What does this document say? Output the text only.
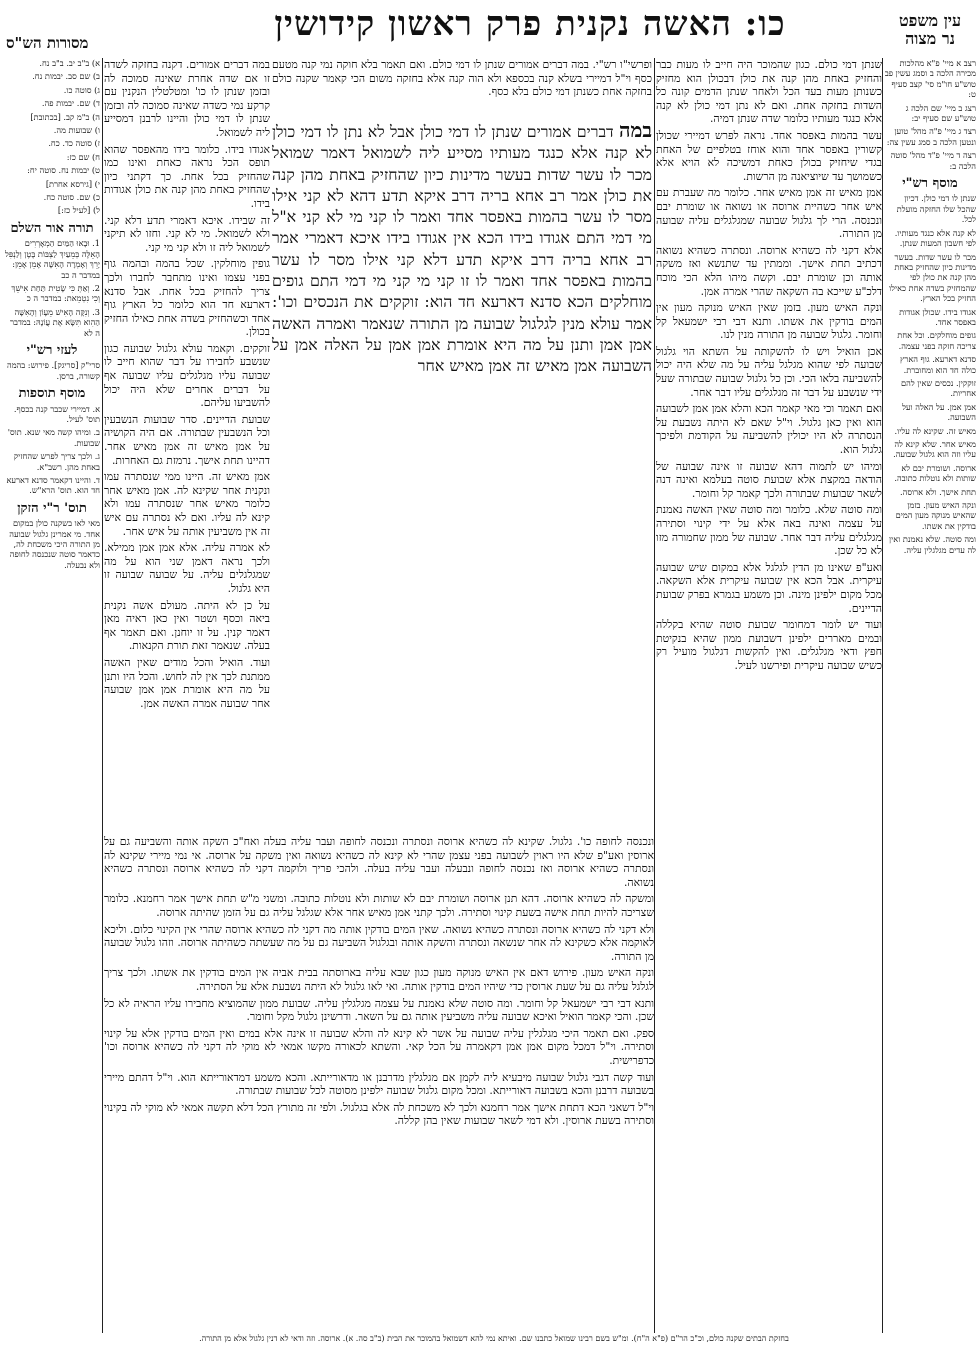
עין משפט
נר מצוה
כו: האשה נקנית פרק ראשון קידושין
מסורות הש"ס

רצב א מיי' פ"א מהלכות מכירה הלכה ב וסמג עשין פב טוש"ע חו"מ סי' קצב סעיף ט:

רצג ב מיי' שם הלכה ג טוש"ע שם סעיף יב:

רצד ג מיי' פ"ה מהל' טוען ונטען הלכה ב סמג עשין צה:

רצה ד מיי' פ"ד מהל' סוטה הלכה ב:

מוסף רש"י

שנתן לו דמי כולן. דכיון שהכל שלו החזקה מועלת לכל.

לא קנה אלא כנגד מעותיו. לפי חשבון המעות שנתן.

מכר לו עשר שדות. בעשר מדינות כיון שהחזיק באחת מהן קנה את כולן לפי שהמחזיק בשדה אחת כאילו החזיק בכל הארץ.

אגודו בידו. שכולן אגודות באפסר אחד.

גופים מוחלקים. וכל אחת צריכה חזקה בפני עצמה.

סדנא דארעא. גוף הארץ כולה חד הוא ומחוברת.

זוקקין. נכסים שאין להם אחריות.

אמן אמן. על האלה ועל השבועה.

מאיש זה. שקינא לה עליו.

מאיש אחר. שלא קינא לה עליו וזה הוא גלגול שבועה.

ארוסה. ושומרת יבם לא שותות ולא נוטלות כתובה.

תחת אישך. ולא ארוסה.

ונקה האיש מעון. בזמן שהאיש מנוקה מעון המים בודקין את אשתו.

ומה סוטה. שלא נאמנת ואין לה עדים מגלגלין עליה.

שנתן דמי כולם. כגון שהמוכר היה חייב לו מעות כבר והחזיק באחת מהן קנה את כולן דבכולן הוא מחזיק כשנותן מעות בעד הכל ולאחר שנתן הדמים קונה כל השדות בחזקה אחת. ואם לא נתן דמי כולן לא קנה אלא כנגד מעותיו כלומר שדה שנתן דמיה.

עשר בהמות באפסר אחד. נראה לפרש דמיירי שכולן קשורין באפסר אחד והוא אוחז בטלפיים של האחת בגדי שיחזיק בכולן כאחת דמשיכה לא הויא אלא כשמושך עד שיוציאנה מן הרשות.

אמן מאיש זה אמן מאיש אחר. כלומר מה שעברת עם איש אחר כשהיית ארוסה או נשואה או שומרת יבם ונכנסה. הרי לך גלגול שבועה שמגלגלים עליה שבועה מן התורה.

אלא דקני לה כשהיא ארוסה. ונסתרה כשהיא נשואה דכתיב תחת אישך. וממתין עד שתנשא ואז משקה אותה וכן שומרת יבם. וקשה מיהו הלא הכי מוכח דלכ"ע שייכא בה השקאה שהרי אמרה אמן.

ונקה האיש מעון. בזמן שאין האיש מנוקה מעון אין המים בודקין את אשתו. ותנא דבי רבי ישמעאל קל וחומר. גלגול שבועה מן התורה מנין לנו.

אכן הואיל ויש לו להשקותה על השתא הוי גלגול שבועה לפי שהוא מגלגל עליה על מה שלא היה יכול להשביעה בלאו הכי. וכן כל גלגול שבועה שבתורה שעל ידי שנשבע על דבר זה מגלגלים עליו דבר אחר.

ואם תאמר וכי מאי קאמר הכא והלא אמן אמן לשבועה הוא ואין כאן גלגול. וי"ל שאם לא היתה נשבעת על הנסתרה לא היו יכולין להשביעה על הקודמת ולפיכך גלגול הוא.

ומיהו יש לתמוה דהא שבועה זו אינה שבועה של הודאה במקצת אלא שבועת סוטה בעלמא ואינה דנה לשאר שבועות שבתורה ולכך קאמר קל וחומר.

ומה סוטה שלא. כלומר ומה סוטה שאין האשה נאמנת על עצמה ואינה באה אלא על ידי קינוי וסתירה מגלגלים עליה דבר אחר. שבועה של ממון שחמורה מזו לא כל שכן.

ואע"פ שאינו מן הדין לגלגל אלא במקום שיש שבועה עיקרית. אבל הכא אין שבועה עיקרית אלא השקאה. מכל מקום ילפינן מינה. וכן משמע בגמרא בפרק שבועת הדיינים.

ועוד יש לומר דמחומר שבועת סוטה שהיא בקללה ובמים מאררים ילפינן דשבועת ממון שהיא בנקיטת חפץ ודאי מגלגלים. ואין להקשות דגלגול מועיל רק כשיש שבועה עיקרית ופירשנו לעיל.

ופרשי"ו רש"י. במה דברים אמורים שנתן לו דמי כולם. ואם תאמר בלא חוקה נמי קנה מטעם כסף וי"ל דמיירי בשלא קנה בכספא ולא הוה קנה אלא בחזקה משום הכי קאמר שקנה כולם בחזקה אחת כשנתן דמי כולם בלא כסף.
במה דברים אמורים שנתן לו דמי כולן אבל לא נתן לו דמי כולן לא קנה אלא כנגד מעותיו מסייע ליה לשמואל דאמר שמואל מכר לו עשר שדות בעשר מדינות כיון שהחזיק באחת מהן קנה את כולן אמר רב אחא בריה דרב איקא תדע דהא לא קני אילו מסר לו עשר בהמות באפסר אחד ואמר לו קני מי לא קני א"ל מי דמי התם אגודו בידו הכא אין אגודו בידו איכא דאמרי אמר רב אחא בריה דרב איקא תדע דלא קני אילו מסר לו עשר בהמות באפסר אחד ואמר לו זו קני מי קני מי דמי התם גופים מוחלקים הכא סדנא דארעא חד הוא: זוקקים את הנכסים וכו': אמר עולא מנין לגלגול שבועה מן התורה שנאמר ואמרה האשה אמן אמן ותנן על מה היא אומרת אמן אמן על האלה אמן על השבועה אמן מאיש זה אמן מאיש אחר

במה דברים אמורים. דקנה בחזקה לשדה זו אם שדה אחרת שאינה סמוכה לה ובזמן שנתן לו כו' ומטלטלין הנקנין עם קרקע נמי כשדה שאינה סמוכה לה ובזמן שנתן לו דמי כולן והיינו לרבנן דמסייע ליה לשמואל.

אגודו בידו. כלומר בידו מהאפסר שהוא תופס הכל נראה כאחת ואינו כמו שהחזיק בכל אחת. כך דקתני כיון שהחזיק באחת מהן קנה את כולן אגודות בידו.

זה שבידו. איכא דאמרי תדע דלא קני. ולא לשמואל. מי לא קני. וחזו לא תיקני לשמואל ליה זו ולא קני מי קני.

גופין מוחלקין. שכל בהמה ובהמה גוף בפני עצמו ואינו מתחבר לחברו ולכך צריך להחזיק בכל אחת. אבל סדנא דארעא חד הוא כלומר כל הארץ גוף אחד וכשהחזיק בשדה אחת כאילו החזיק בכולן.

זוקקים. וקאמר עולא גלגול שבועה כגון שנשבע לחבירו על דבר שהוא חייב לו שבועה עליו מגלגלים עליו שבועה אף על דברים אחרים שלא היה יכול להשביעו עליהם.

שבועת הדיינים. סדר שבועות הנשבעין וכל הנשבעין שבתורה. אם היה הקושיה על אמן מאיש זה אמן מאיש אחר. דהיינו תחת אישך. נרמזת גם האחרות.

אמן מאיש זה. היינו ממי שנסתרה עמו ונקנית אחר שקינא לה. אמן מאיש אחר כלומר מאיש אחר שנסתרה עמו ולא קינא לה עליו. ואם לא נסתרה עם איש זה אין משביעין אותה על איש אחר.

לא אמרה עליה. אלא אמן אמן ממילא. ולכך נראה דאמן שני הוא על מה שמגלגלים עליה. על שבועה שבועה זו היא גלגול.

על כן לא היתה. מעולם אשה נקנית ביאה וכסף ושטר ואין כאן ראיה מאן דאמר קנין. על זו יוחנן. ואם תאמר אף בעלה. שנאמר זאת תורת הקנאות.

ועוד. הואיל והכל מודים שאין האשה ממתנת לכך אין לה לחוש. והכל היו ותנן על מה היא אומרת אמן אמן שבועה אחר שבועה אמרה האשה אמן.

ונכנסה לחופה כו'. גלגול. שקינא לה כשהיא ארוסה ונסתרה ונכנסה לחופה ועבר עליה בעלה ואח"כ השקה אותה והשביעה גם על ארוסין ואע"פ שלא היו ראוין לשבועה בפני עצמן שהרי לא קינא לה כשהיא נשואה ואין משקה על ארוסה. אי נמי מיירי שקינא לה ונסתרה כשהיא ארוסה ואז נכנסה לחופה ונבעלה ועבר עליה בעלה. ולהכי פריך ולוקמה דקני לה כשהיא ארוסה ונסתרה כשהיא נשואה.

ומשקה לה כשהיא ארוסה. דהא תנן ארוסה ושומרת יבם לא שותות ולא נוטלות כתובה. ומשני מ"ש תחת אישך אמר רחמנא. כלומר שצריכה להיות תחת אישה בשעת קינוי וסתירה. ולכך קתני אמן מאיש אחר אלא שגלגל עליה גם על הזמן שהיתה ארוסה.

ולא דקני לה כשהיא ארוסה ונסתרה כשהיא נשואה. שאין המים בודקין אותה מה דקני לה כשהיא ארוסה שהרי אין הקינוי כלום. וליכא לאוקמה אלא כשקינא לה אחר שנשאה ונסתרה והשקה אותה ובגלגול השביעה גם על מה שעשתה כשהיתה ארוסה. וזהו גלגול שבועה מן התורה.

ונקה האיש מעון. פירוש דאם אין האיש מנוקה מעון כגון שבא עליה בארוסתה בבית אביה אין המים בודקין את אשתו. ולכך צריך לגלגל עליה גם על שעת ארוסין כדי שיהיו המים בודקין אותה. ואי לאו גלגול לא היתה נשבעת אלא על הסתירה.

ותנא דבי רבי ישמעאל קל וחומר. ומה סוטה שלא נאמנת על עצמה מגלגלין עליה. שבועת ממון שהמוציא מחבירו עליו הראיה לא כל שכן. והכי קאמר הואיל ואיכא שבועה עליה משביעין אותה גם על השאר. ודרשינן גלגול מקל וחומר.

ספק. ואם תאמר היכי מגלגלין עליה שבועה על אשר לא קינא לה והלא שבועה זו אינה אלא במים ואין המים בודקין אלא על קינוי וסתירה. וי"ל דמכל מקום אמן אמן דקאמרה על הכל קאי. והשתא לכאורה מקשו אמאי לא מוקי לה דקני לה כשהיא ארוסה וכו' כדפרישית.

ועוד קשה דגבי גלגול שבועה מיבעיא ליה לקמן אם מגלגלין מדרבנן או מדאורייתא. והכא משמע דמדאורייתא הוא. וי"ל דהתם מיירי בשבועה דרבנן והכא בשבועה דאורייתא. ומכל מקום גלגול שבועה ילפינן מסוטה לכל שבועות שבתורה.

וי"ל דשאני הכא דתחת אישך אמר רחמנא ולכך לא משכחת לה אלא בגלגול. ולפי זה מתורץ הכל דלא תקשה אמאי לא מוקי לה בקינוי וסתירה בשעת ארוסין. ולא דמי לשאר שבועות שאין בהן קללה.

א) ב"ב יב. ב"ב נח.

ב) שם סב. יבמות נח.

ג) סוטה כו.

ד) שם. יבמות פה.

ה) ב"מ קב. [בכתובת]

ו) שבועות מה.

ז) סוטה כד. כח.

ח) שם כז:

ט) יבמות נח. סוטה יח:

י) [גירסא אחרת]

כ) שם. סוטה כח.

ל) [לעיל כז:]

תורה אור השלם

1. וּבָאוּ הַמַּיִם הַמְאָרְרִים הָאֵלֶּה בְּמֵעַיִךְ לַצְבּוֹת בֶּטֶן וְלַנְפִּל יָרֵךְ וְאָמְרָה הָאִשָּׁה אָמֵן אָמֵן: במדבר ה כב

2. וְאַתְּ כִּי שָׂטִית תַּחַת אִישֵׁךְ וְכִי נִטְמֵאת: במדבר ה כ

3. וְנִקָּה הָאִישׁ מֵעָוֹן וְהָאִשָּׁה הַהִוא תִּשָּׂא אֶת עֲוֹנָהּ: במדבר ה לא

לעזי רש"י
סרי"ק [סריגק]. פירוש: בהמה קשורה, ברסן.
מוסף תוספות

א. דמיירי שכבר קנה בכסף. תוס' לעיל.

ב. ומיהו קשה מאי שנא. תוס' שבועות.

ג. ולכך צריך לפרש שהחזיק באחת מהן. רשב"א.

ד. והיינו דקאמר סדנא דארעא חד הוא. תוס' הרא"ש.

תוס' ר"י הזקן
מאי לאו בשקנה כולן במקום אחד. מי אמרינן גלגול שבועה מן התורה היכי משכחת לה, כדאמר סוטה שנכנסה לחופה ולא נבעלה.
בחזקת הבתים שקנה כולם, וכ"כ הר"ם (פ"א ה"ח). ומ"ש בשם רבינו שמואל כתבנו שם. ואיתא נמי להא דשמואל בהמוכר את הבית (ב"ב סה. א). ארוסה. וזה ודאי לא דנין גלגול אלא מן התורה.
